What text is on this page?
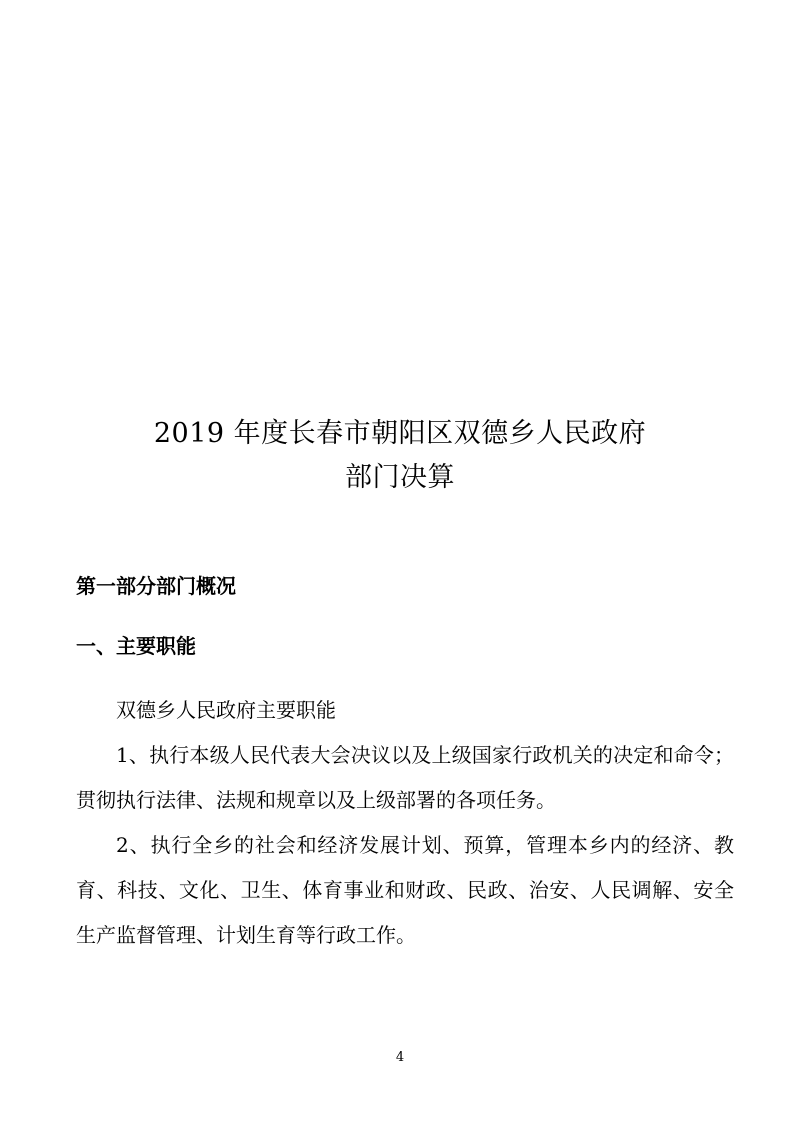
2019 年度长春市朝阳区双德乡人民政府
部门决算
第一部分部门概况
一、主要职能

双德乡人民政府主要职能

1、执行本级人民代表大会决议以及上级国家行政机关的决定和命令；贯彻执行法律、法规和规章以及上级部署的各项任务。

2、执行全乡的社会和经济发展计划、预算，管理本乡内的经济、教育、科技、文化、卫生、体育事业和财政、民政、治安、人民调解、安全生产监督管理、计划生育等行政工作。

4
